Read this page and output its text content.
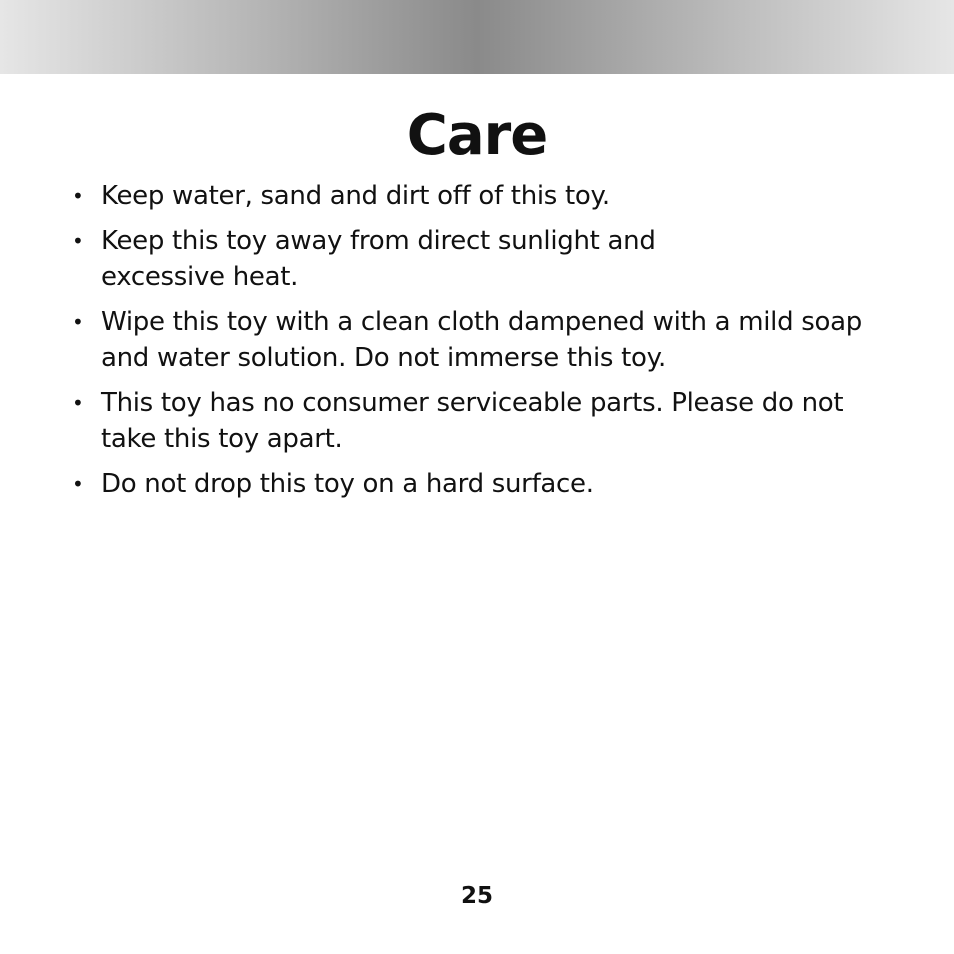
Care
• Keep water, sand and dirt off of this toy.
• Keep this toy away from direct sunlight and excessive heat.
• Wipe this toy with a clean cloth dampened with a mild soap and water solution. Do not immerse this toy.
• This toy has no consumer serviceable parts. Please do not take this toy apart.
• Do not drop this toy on a hard surface.
25
